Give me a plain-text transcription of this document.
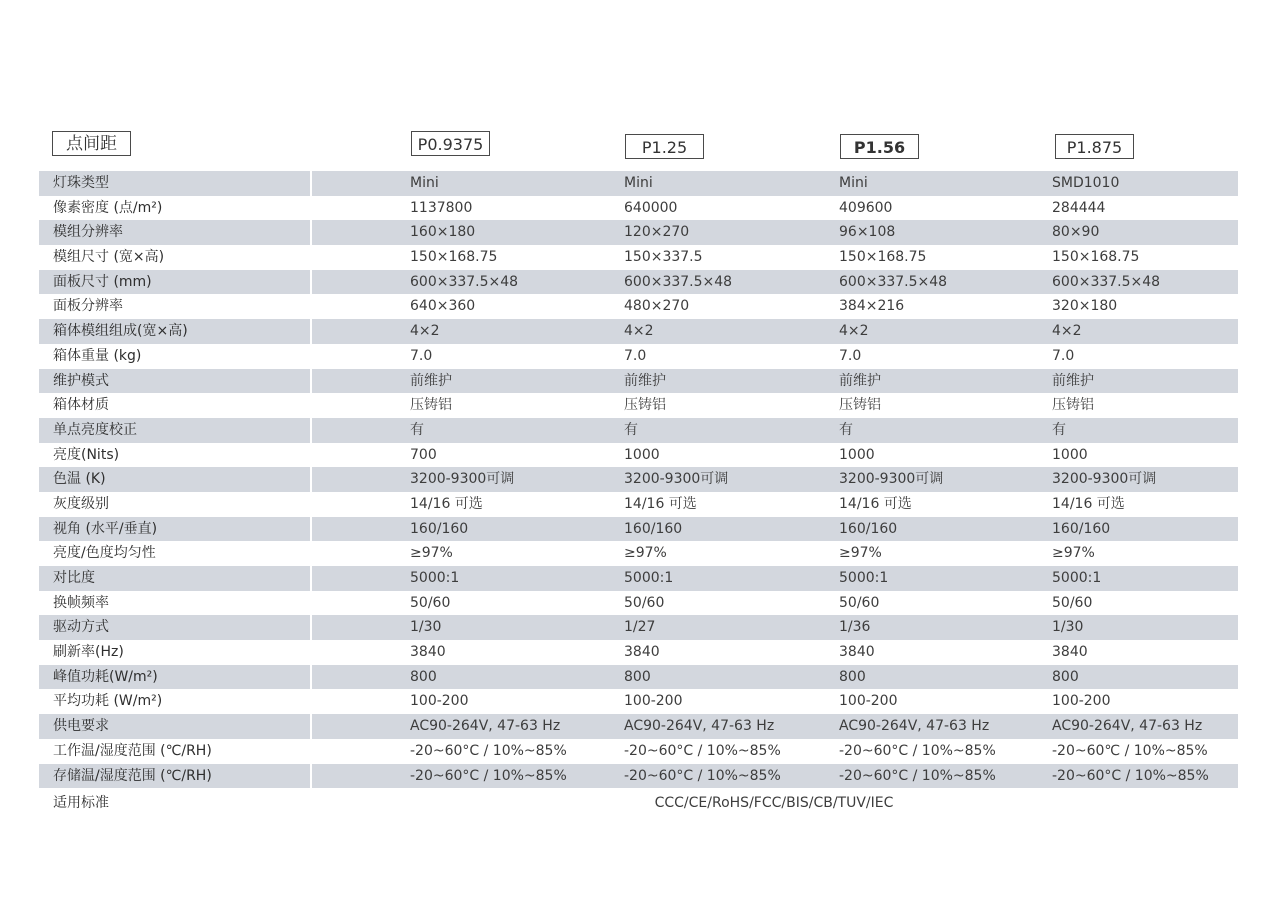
点间距	P0.9375	P1.25	P1.56	P1.875
灯珠类型	Mini	Mini	Mini	SMD1010
像素密度 (点/m²)	1137800	640000	409600	284444
模组分辨率	160×180	120×270	96×108	80×90
模组尺寸 (宽×高)	150×168.75	150×337.5	150×168.75	150×168.75
面板尺寸 (mm)	600×337.5×48	600×337.5×48	600×337.5×48	600×337.5×48
面板分辨率	640×360	480×270	384×216	320×180
箱体模组组成(宽×高)	4×2	4×2	4×2	4×2
箱体重量 (kg)	7.0	7.0	7.0	7.0
维护模式	前维护	前维护	前维护	前维护
箱体材质	压铸铝	压铸铝	压铸铝	压铸铝
单点亮度校正	有	有	有	有
亮度(Nits)	700	1000	1000	1000
色温 (K)	3200-9300可调	3200-9300可调	3200-9300可调	3200-9300可调
灰度级别	14/16 可选	14/16 可选	14/16 可选	14/16 可选
视角 (水平/垂直)	160/160	160/160	160/160	160/160
亮度/色度均匀性	≥97%	≥97%	≥97%	≥97%
对比度	5000:1	5000:1	5000:1	5000:1
换帧频率	50/60	50/60	50/60	50/60
驱动方式	1/30	1/27	1/36	1/30
刷新率(Hz)	3840	3840	3840	3840
峰值功耗(W/m²)	800	800	800	800
平均功耗 (W/m²)	100-200	100-200	100-200	100-200
供电要求	AC90-264V, 47-63 Hz	AC90-264V, 47-63 Hz	AC90-264V, 47-63 Hz	AC90-264V, 47-63 Hz
工作温/湿度范围 (℃/RH)	-20~60°C / 10%~85%	-20~60°C / 10%~85%	-20~60°C / 10%~85%	-20~60℃ / 10%~85%
存储温/湿度范围 (℃/RH)	-20~60°C / 10%~85%	-20~60°C / 10%~85%	-20~60°C / 10%~85%	-20~60°C / 10%~85%
适用标准	CCC/CE/RoHS/FCC/BIS/CB/TUV/IEC
